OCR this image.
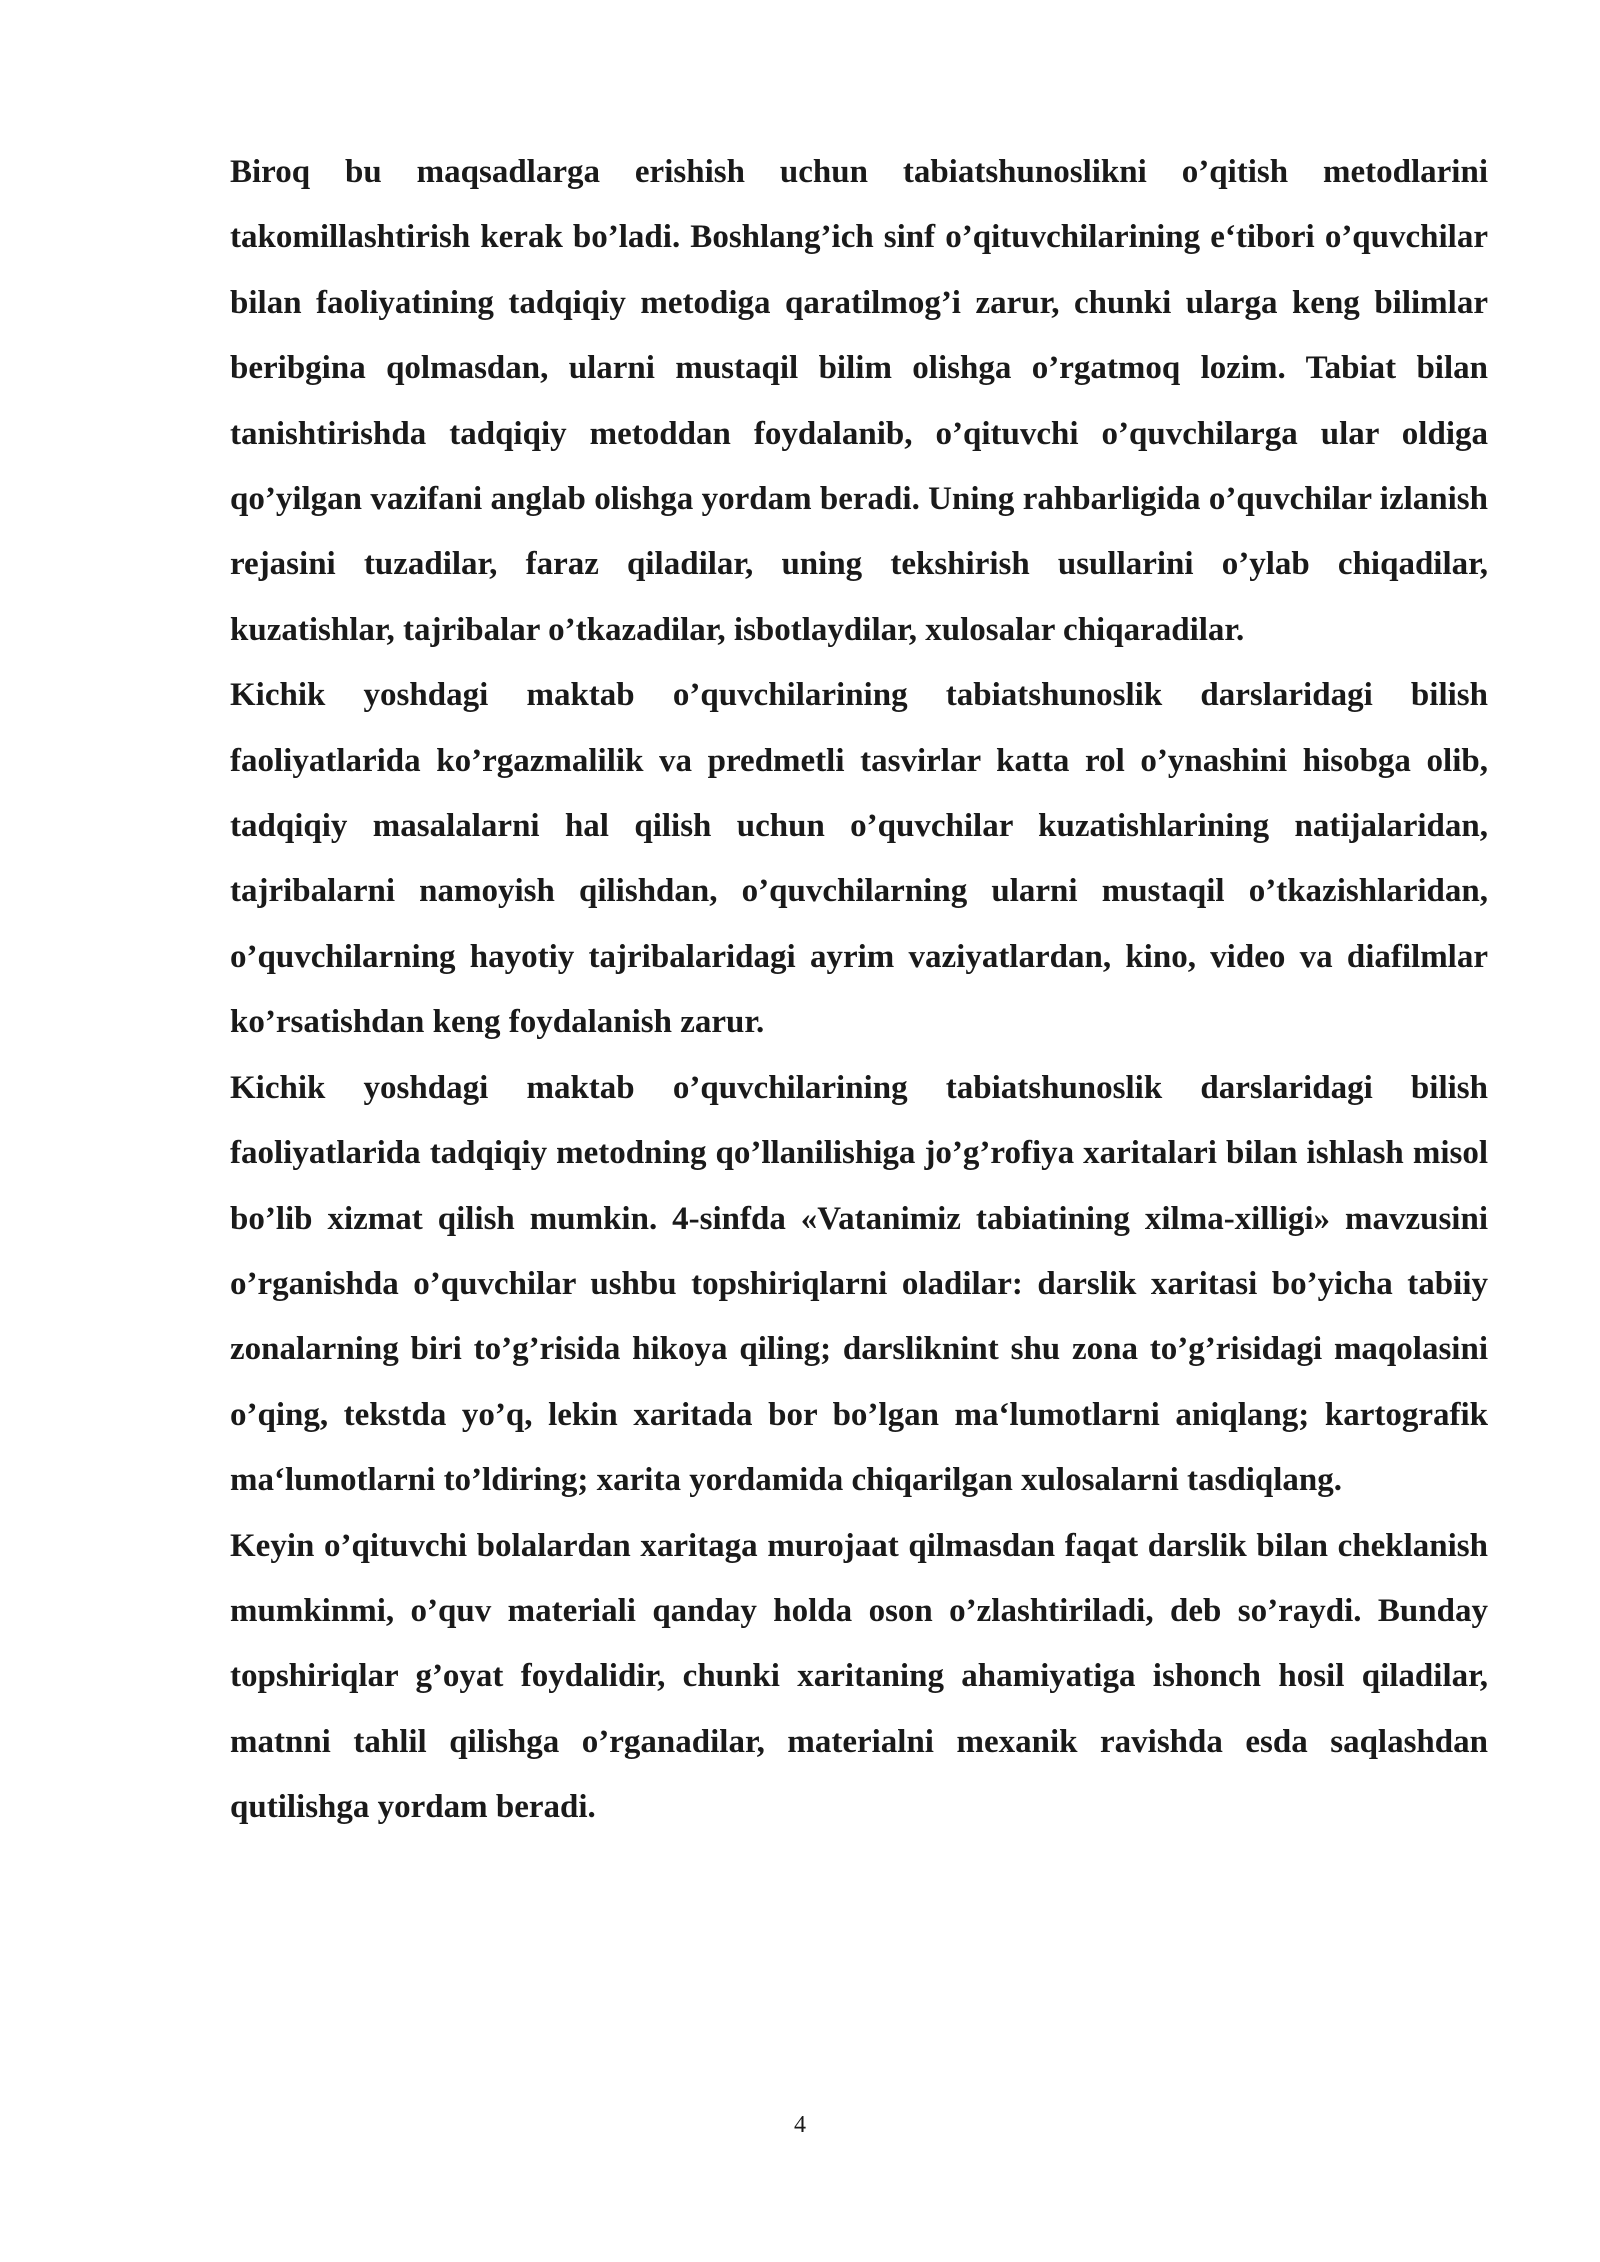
Biroq bu maqsadlarga erishish uchun tabiatshunoslikni o’qitish metodlarini takomillashtirish kerak bo’ladi. Boshlang’ich sinf o’qituvchilarining e‘tibori o’quvchilar bilan faoliyatining tadqiqiy metodiga qaratilmog’i zarur, chunki ularga keng bilimlar beribgina qolmasdan, ularni mustaqil bilim olishga o’rgatmoq lozim. Tabiat bilan tanishtirishda tadqiqiy metoddan foydalanib, o’qituvchi o’quvchilarga ular oldiga qo’yilgan vazifani anglab olishga yordam beradi. Uning rahbarligida o’quvchilar izlanish rejasini tuzadilar, faraz qiladilar, uning tekshirish usullarini o’ylab chiqadilar, kuzatishlar, tajribalar o’tkazadilar, isbotlaydilar, xulosalar chiqaradilar.

Kichik yoshdagi maktab o’quvchilarining tabiatshunoslik darslaridagi bilish faoliyatlarida ko’rgazmalilik va predmetli tasvirlar katta rol o’ynashini hisobga olib, tadqiqiy masalalarni hal qilish uchun o’quvchilar kuzatishlarining natijalaridan, tajribalarni namoyish qilishdan, o’quvchilarning ularni mustaqil o’tkazishlaridan, o’quvchilarning hayotiy tajribalaridagi ayrim vaziyatlardan, kino, video va diafilmlar ko’rsatishdan keng foydalanish zarur.

Kichik yoshdagi maktab o’quvchilarining tabiatshunoslik darslaridagi bilish faoliyatlarida tadqiqiy metodning qo’llanilishiga jo’g’rofiya xaritalari bilan ishlash misol bo’lib xizmat qilish mumkin. 4-sinfda «Vatanimiz tabiatining xilma-xilligi» mavzusini o’rganishda o’quvchilar ushbu topshiriqlarni oladilar: darslik xaritasi bo’yicha tabiiy zonalarning biri to’g’risida hikoya qiling; darsliknint shu zona to’g’risidagi maqolasini o’qing, tekstda yo’q, lekin xaritada bor bo’lgan ma‘lumotlarni aniqlang; kartografik ma‘lumotlarni to’ldiring; xarita yordamida chiqarilgan xulosalarni tasdiqlang.

Keyin o’qituvchi bolalardan xaritaga murojaat qilmasdan faqat darslik bilan cheklanish mumkinmi, o’quv materiali qanday holda oson o’zlashtiriladi, deb so’raydi. Bunday topshiriqlar g’oyat foydalidir, chunki xaritaning ahamiyatiga ishonch hosil qiladilar, matnni tahlil qilishga o’rganadilar, materialni mexanik ravishda esda saqlashdan qutilishga yordam beradi.

4
